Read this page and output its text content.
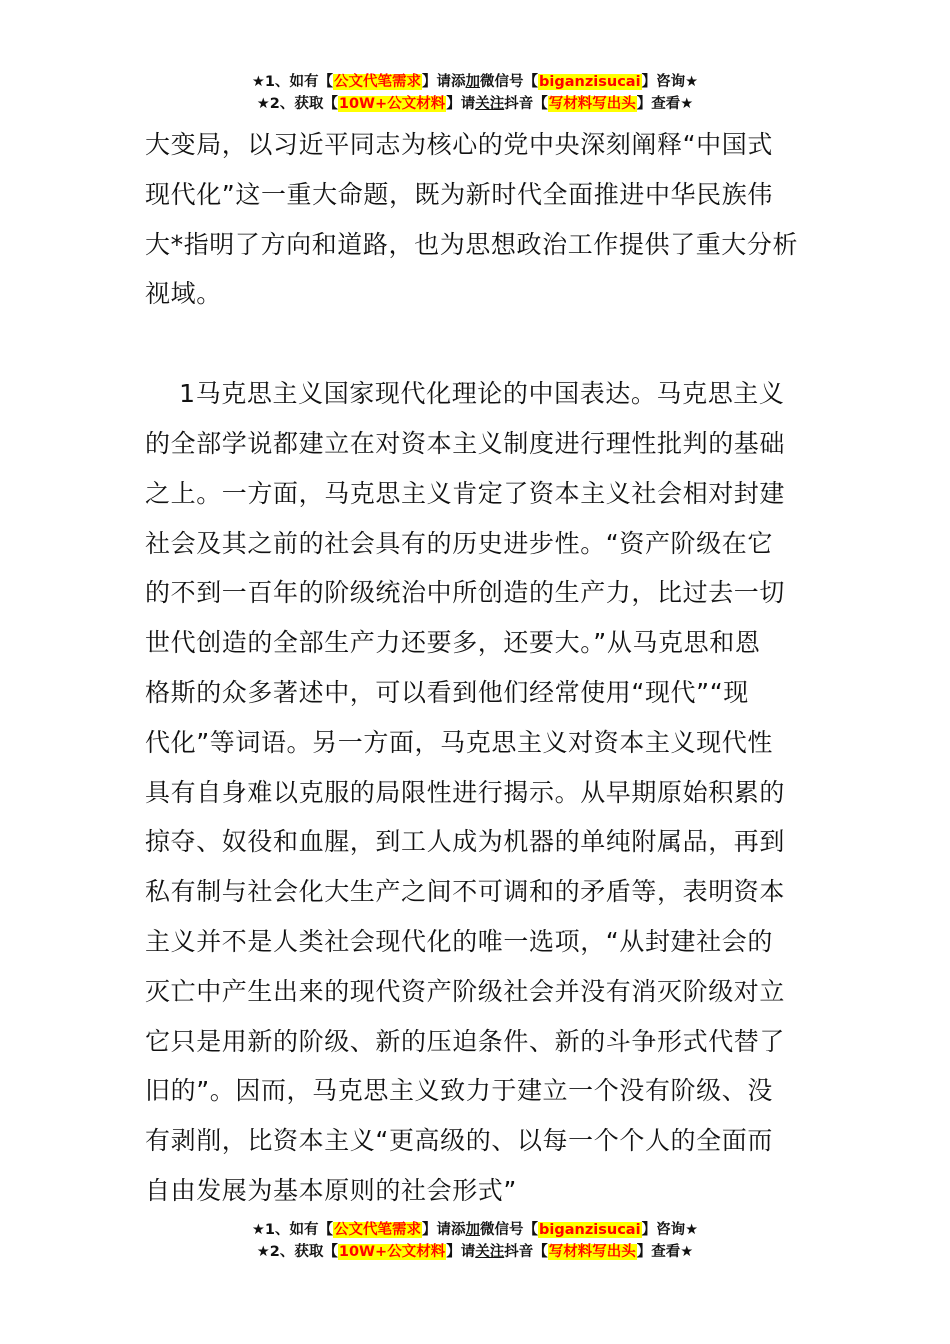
★1、如有【公文代笔需求】请添加微信号【biganzisucai】咨询★
★2、获取【10W+公文材料】请关注抖音【写材料写出头】查看★
大变局，以习近平同志为核心的党中央深刻阐释“中国式
现代化”这一重大命题，既为新时代全面推进中华民族伟
大*指明了方向和道路，也为思想政治工作提供了重大分析
视域。
1马克思主义国家现代化理论的中国表达。马克思主义
的全部学说都建立在对资本主义制度进行理性批判的基础
之上。一方面，马克思主义肯定了资本主义社会相对封建
社会及其之前的社会具有的历史进步性。“资产阶级在它
的不到一百年的阶级统治中所创造的生产力，比过去一切
世代创造的全部生产力还要多，还要大。”从马克思和恩
格斯的众多著述中，可以看到他们经常使用“现代”“现
代化”等词语。另一方面，马克思主义对资本主义现代性
具有自身难以克服的局限性进行揭示。从早期原始积累的
掠夺、奴役和血腥，到工人成为机器的单纯附属品，再到
私有制与社会化大生产之间不可调和的矛盾等，表明资本
主义并不是人类社会现代化的唯一选项，“从封建社会的
灭亡中产生出来的现代资产阶级社会并没有消灭阶级对立
它只是用新的阶级、新的压迫条件、新的斗争形式代替了
旧的”。因而，马克思主义致力于建立一个没有阶级、没
有剥削，比资本主义“更高级的、以每一个个人的全面而
自由发展为基本原则的社会形式”
★1、如有【公文代笔需求】请添加微信号【biganzisucai】咨询★
★2、获取【10W+公文材料】请关注抖音【写材料写出头】查看★
